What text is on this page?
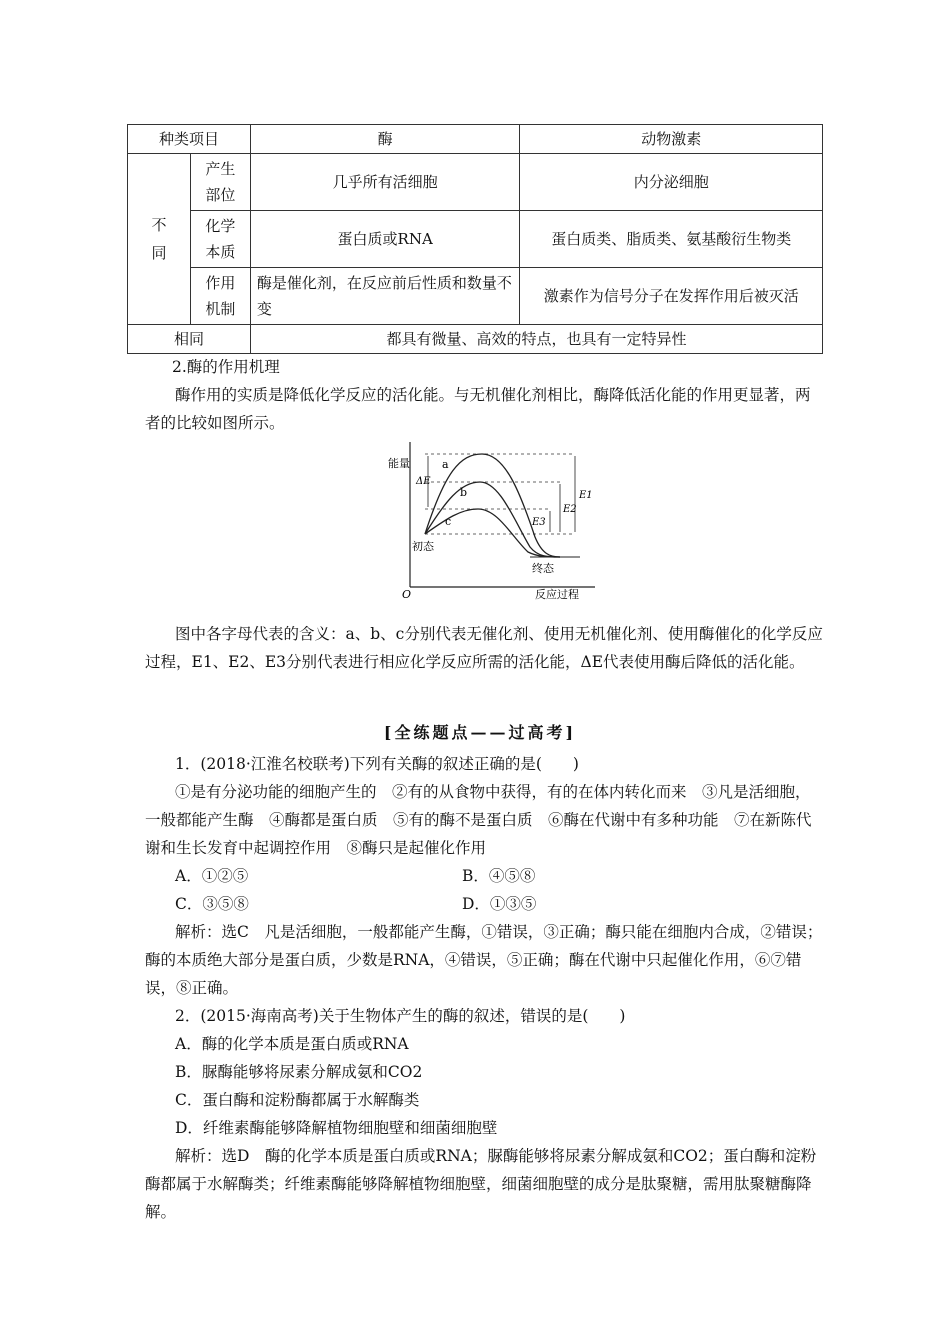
种类项目		酶	动物激素

不同	产生部位	几乎所有活细胞	内分泌细胞

	化学本质	蛋白质或RNA	蛋白质类、脂质类、氨基酸衍生物类

	作用机制	酶是催化剂，在反应前后性质和数量不变	激素作为信号分子在发挥作用后被灭活
相同		都具有微量、高效的特点，也具有一定特异性	
2.酶的作用机理
酶作用的实质是降低化学反应的活化能。与无机催化剂相比，酶降低活化能的作用更显著，两者的比较如图所示。
能量
O	反应过程
a
b
c
ΔE
E1
E2
E3
初态
终态
图中各字母代表的含义：a、b、c分别代表无催化剂、使用无机催化剂、使用酶催化的化学反应过程，E1、E2、E3分别代表进行相应化学反应所需的活化能，ΔE代表使用酶后降低的活化能。
[全练题点——过高考]
1．(2018·江淮名校联考)下列有关酶的叙述正确的是(　　)
①是有分泌功能的细胞产生的　②有的从食物中获得，有的在体内转化而来　③凡是活细胞，一般都能产生酶　④酶都是蛋白质　⑤有的酶不是蛋白质　⑥酶在代谢中有多种功能　⑦在新陈代谢和生长发育中起调控作用　⑧酶只是起催化作用
A．①②⑤	B．④⑤⑧
C．③⑤⑧	D．①③⑤
解析：选C　凡是活细胞，一般都能产生酶，①错误，③正确；酶只能在细胞内合成，②错误；酶的本质绝大部分是蛋白质，少数是RNA，④错误，⑤正确；酶在代谢中只起催化作用，⑥⑦错误，⑧正确。
2．(2015·海南高考)关于生物体产生的酶的叙述，错误的是(　　)
A．酶的化学本质是蛋白质或RNA
B．脲酶能够将尿素分解成氨和CO2
C．蛋白酶和淀粉酶都属于水解酶类
D．纤维素酶能够降解植物细胞壁和细菌细胞壁
解析：选D　酶的化学本质是蛋白质或RNA；脲酶能够将尿素分解成氨和CO2；蛋白酶和淀粉酶都属于水解酶类；纤维素酶能够降解植物细胞壁，细菌细胞壁的成分是肽聚糖，需用肽聚糖酶降解。
